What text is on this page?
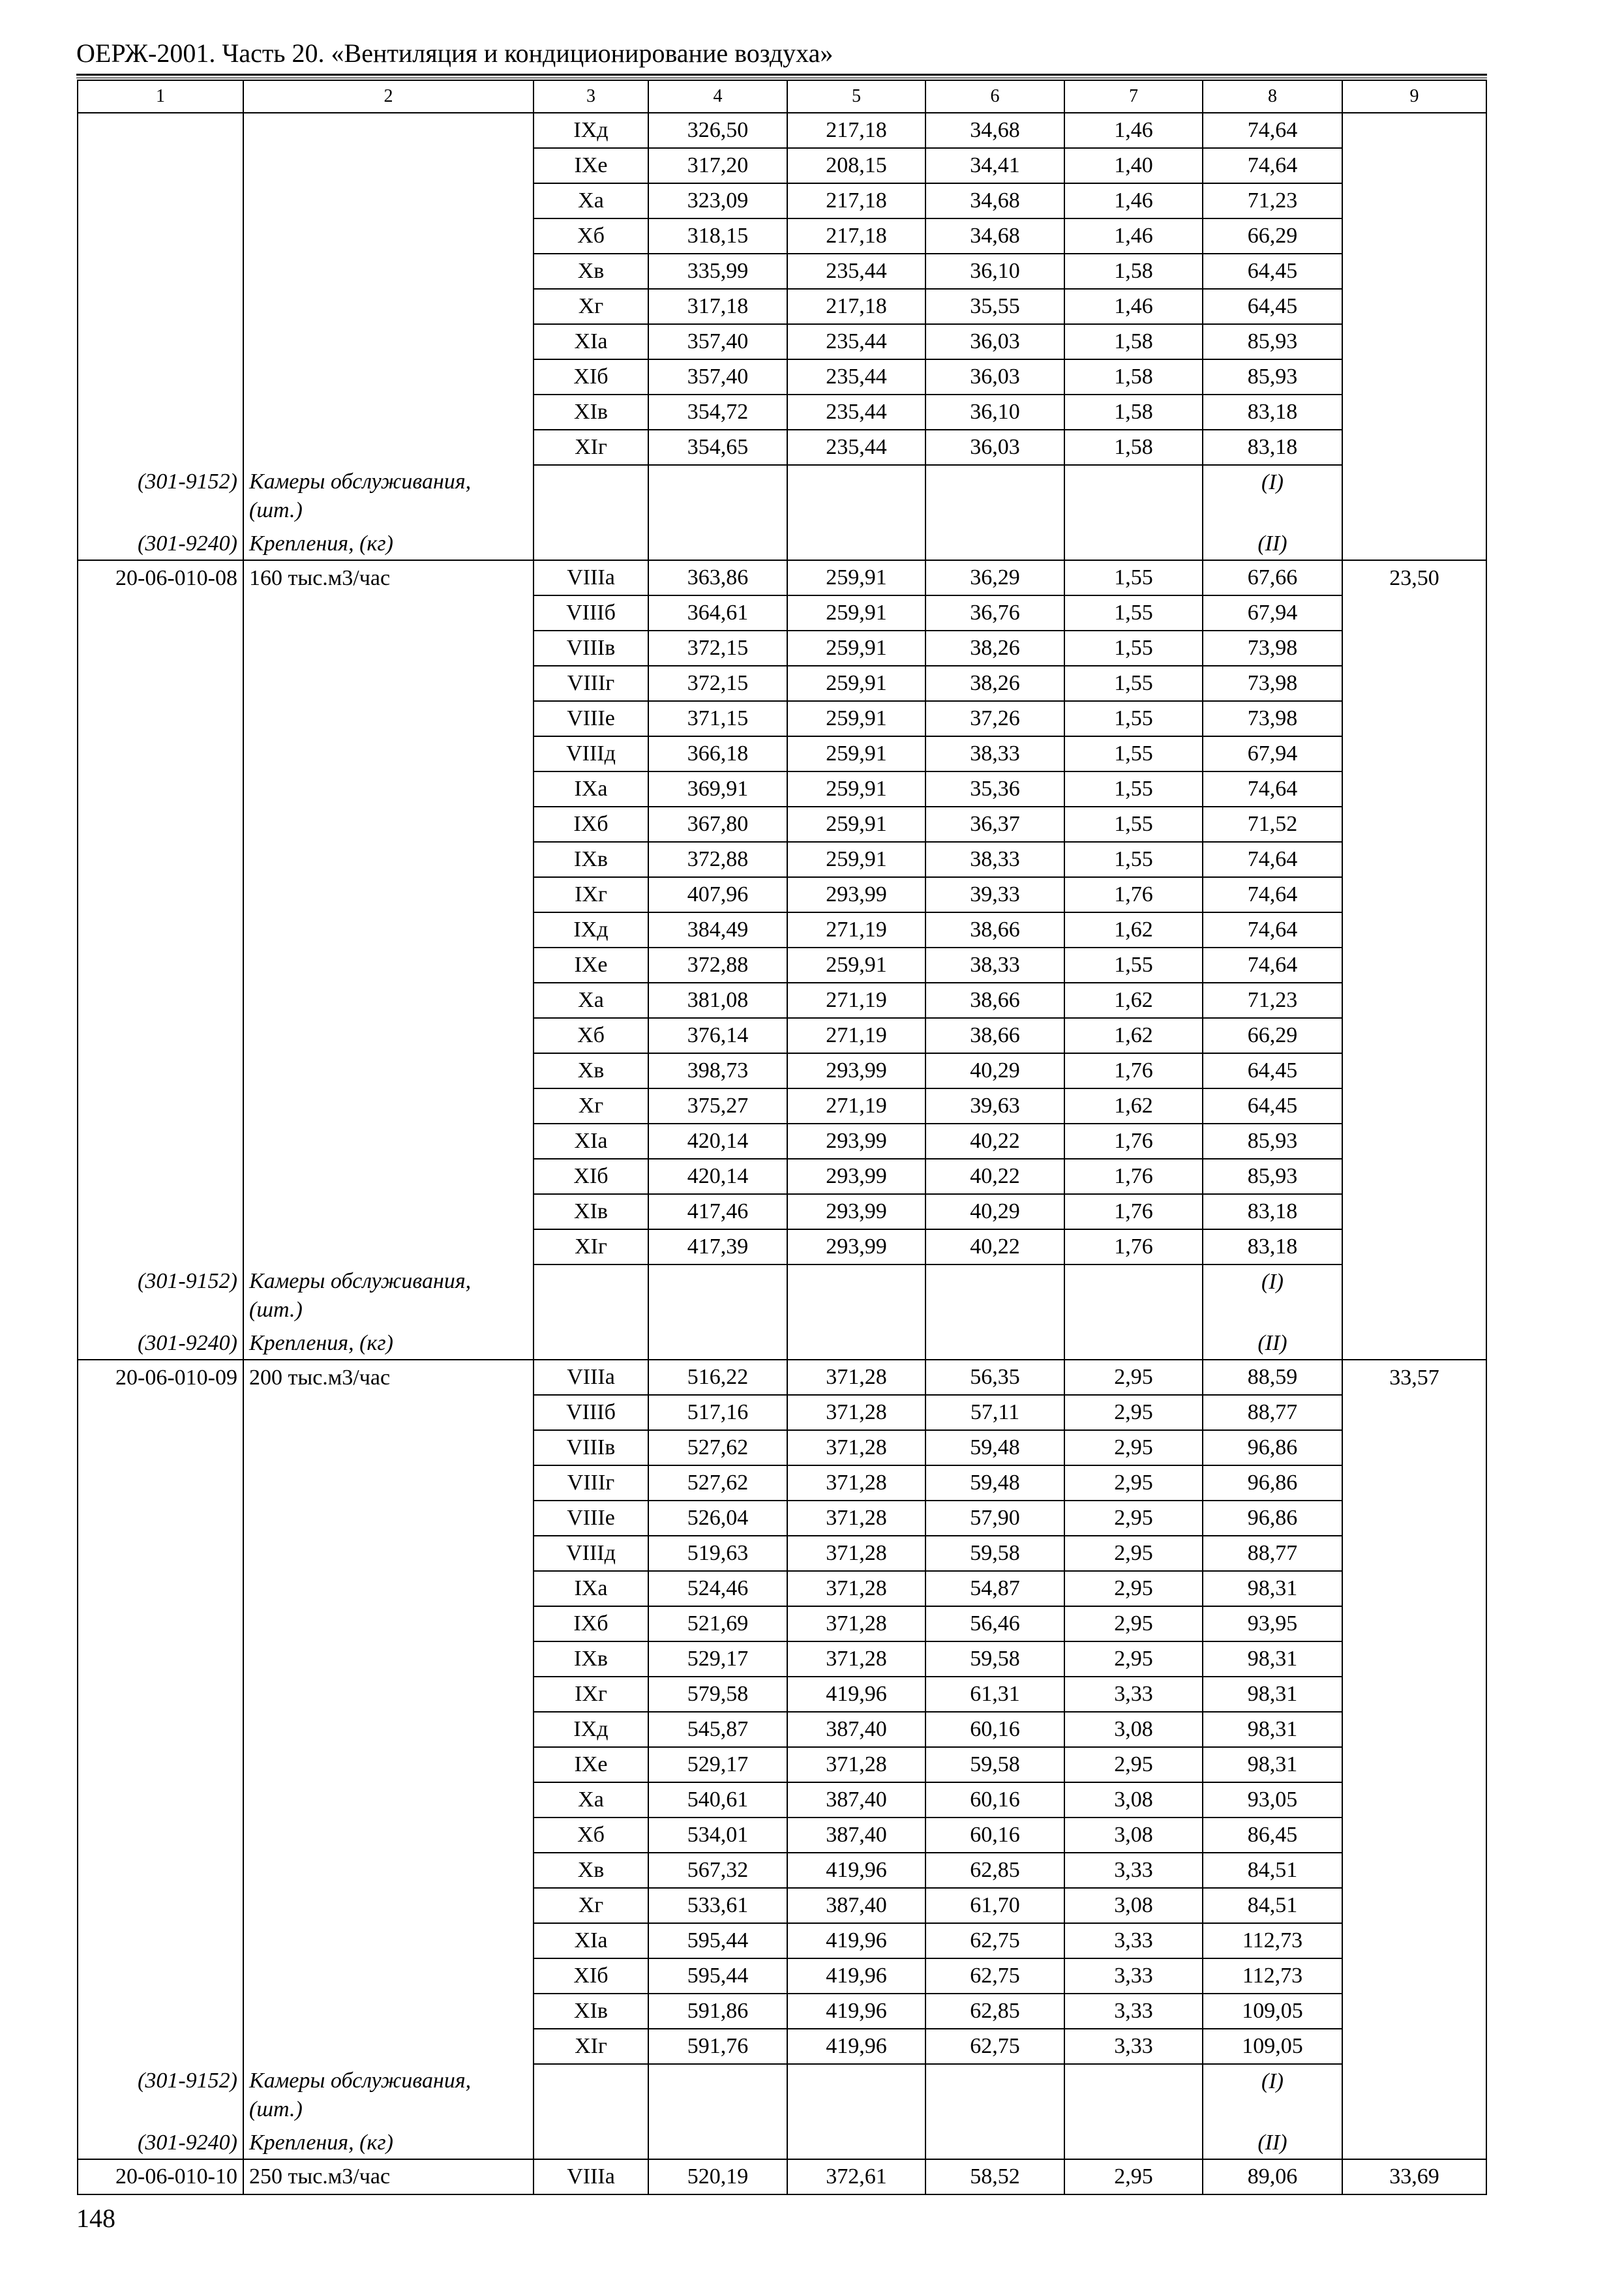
ОЕРЖ-2001. Часть 20. «Вентиляция и кондиционирование воздуха»
1	2	3	4	5	6	7	8	9
		IXд	326,50	217,18	34,68	1,46	74,64	
		IXе	317,20	208,15	34,41	1,40	74,64	
		Xа	323,09	217,18	34,68	1,46	71,23	
		Xб	318,15	217,18	34,68	1,46	66,29	
		Xв	335,99	235,44	36,10	1,58	64,45	
		Xг	317,18	217,18	35,55	1,46	64,45	
		XIа	357,40	235,44	36,03	1,58	85,93	
		XIб	357,40	235,44	36,03	1,58	85,93	
		XIв	354,72	235,44	36,10	1,58	83,18	
		XIг	354,65	235,44	36,03	1,58	83,18	
(301-9152)	Камеры обслуживания, (шт.)						(I)	
(301-9240)	Крепления, (кг)						(II)	
20-06-010-08	160 тыс.м3/час	VIIIа	363,86	259,91	36,29	1,55	67,66	23,50
		VIIIб	364,61	259,91	36,76	1,55	67,94	
		VIIIв	372,15	259,91	38,26	1,55	73,98	
		VIIIг	372,15	259,91	38,26	1,55	73,98	
		VIIIе	371,15	259,91	37,26	1,55	73,98	
		VIIIд	366,18	259,91	38,33	1,55	67,94	
		IXа	369,91	259,91	35,36	1,55	74,64	
		IXб	367,80	259,91	36,37	1,55	71,52	
		IXв	372,88	259,91	38,33	1,55	74,64	
		IXг	407,96	293,99	39,33	1,76	74,64	
		IXд	384,49	271,19	38,66	1,62	74,64	
		IXе	372,88	259,91	38,33	1,55	74,64	
		Xа	381,08	271,19	38,66	1,62	71,23	
		Xб	376,14	271,19	38,66	1,62	66,29	
		Xв	398,73	293,99	40,29	1,76	64,45	
		Xг	375,27	271,19	39,63	1,62	64,45	
		XIа	420,14	293,99	40,22	1,76	85,93	
		XIб	420,14	293,99	40,22	1,76	85,93	
		XIв	417,46	293,99	40,29	1,76	83,18	
		XIг	417,39	293,99	40,22	1,76	83,18	
(301-9152)	Камеры обслуживания, (шт.)						(I)	
(301-9240)	Крепления, (кг)						(II)	
20-06-010-09	200 тыс.м3/час	VIIIа	516,22	371,28	56,35	2,95	88,59	33,57
		VIIIб	517,16	371,28	57,11	2,95	88,77	
		VIIIв	527,62	371,28	59,48	2,95	96,86	
		VIIIг	527,62	371,28	59,48	2,95	96,86	
		VIIIе	526,04	371,28	57,90	2,95	96,86	
		VIIIд	519,63	371,28	59,58	2,95	88,77	
		IXа	524,46	371,28	54,87	2,95	98,31	
		IXб	521,69	371,28	56,46	2,95	93,95	
		IXв	529,17	371,28	59,58	2,95	98,31	
		IXг	579,58	419,96	61,31	3,33	98,31	
		IXд	545,87	387,40	60,16	3,08	98,31	
		IXе	529,17	371,28	59,58	2,95	98,31	
		Xа	540,61	387,40	60,16	3,08	93,05	
		Xб	534,01	387,40	60,16	3,08	86,45	
		Xв	567,32	419,96	62,85	3,33	84,51	
		Xг	533,61	387,40	61,70	3,08	84,51	
		XIа	595,44	419,96	62,75	3,33	112,73	
		XIб	595,44	419,96	62,75	3,33	112,73	
		XIв	591,86	419,96	62,85	3,33	109,05	
		XIг	591,76	419,96	62,75	3,33	109,05	
(301-9152)	Камеры обслуживания, (шт.)						(I)	
(301-9240)	Крепления, (кг)						(II)	
20-06-010-10	250 тыс.м3/час	VIIIа	520,19	372,61	58,52	2,95	89,06	33,69
148
